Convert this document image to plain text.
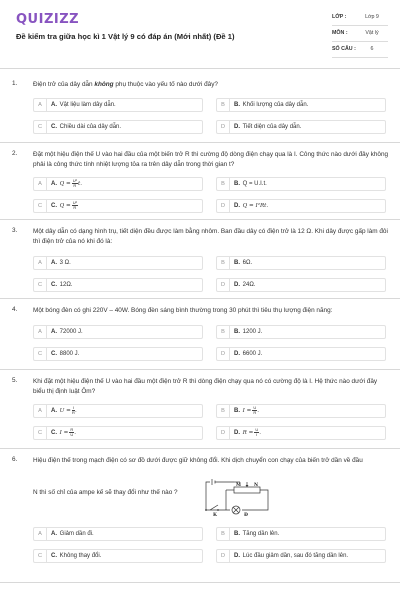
QUIZIZZ
Đề kiểm tra giữa học kì 1 Vật lý 9 có đáp án (Mới nhất) (Đề 1)
LỚP :	Lớp 9
MÔN :	Vật lý
SỐ CÂU :	6
1. Điện trở của dây dẫn không phụ thuộc vào yếu tố nào dưới đây?
A	A. Vật liệu làm dây dẫn.	B	B. Khối lượng của dây dẫn.
C	C. Chiều dài của dây dẫn.	D	D. Tiết diện của dây dẫn.
2. Đặt một hiệu điện thế U vào hai đầu của một biến trở R thì cường độ dòng điện chạy qua là I. Công thức nào dưới đây không phải là công thức tính nhiệt lượng tỏa ra trên dây dẫn trong thời gian t?
A	A. $Q = \frac{\text{U²}}{R} t$.	B	B. Q = U.I.t.
C	C. $Q = \frac{\text{U²}}{R}$	D	D. Q = I²Rt.
3. Một dây dẫn có dạng hình trụ, tiết diện đều được làm bằng nhôm. Ban đầu dây có điện trở là 12 Ω. Khi dây được gấp làm đôi thì điện trở của nó khi đó là:
A	A. 3 Ω.	B	B. 6Ω.
C	C. 12Ω.	D	D. 24Ω.
4. Một bóng đèn có ghi 220V – 40W. Bóng đèn sáng bình thường trong 30 phút thì tiêu thụ lượng điện năng:
A	A. 72000 J.	B	B. 1200 J.
C	C. 8800 J.	D	D. 6600 J.
5. Khi đặt một hiệu điện thế U vào hai đầu một điện trở R thì dòng điện chạy qua nó có cường độ là I. Hệ thức nào dưới đây biểu thị định luật Ôm?
A	A. $U = \frac{I}{R}$ .	B	B. $I = \frac{U}{R}$ .
C	C. $I = \frac{R}{U}$ .	D	D. $R = \frac{U}{I}$ .
6. Hiệu điện thế trong mạch điện có sơ đồ dưới được giữ không đổi. Khi dịch chuyển con chạy của biến trở dần về đầu
N thì số chỉ của ampe kế sẽ thay đổi như thế nào ?
M	N
K	Đ
A	A. Giảm dần đi.	B	B. Tăng dần lên.
C	C. Không thay đổi.	D	D. Lúc đầu giảm dần, sau đó tăng dần lên.
